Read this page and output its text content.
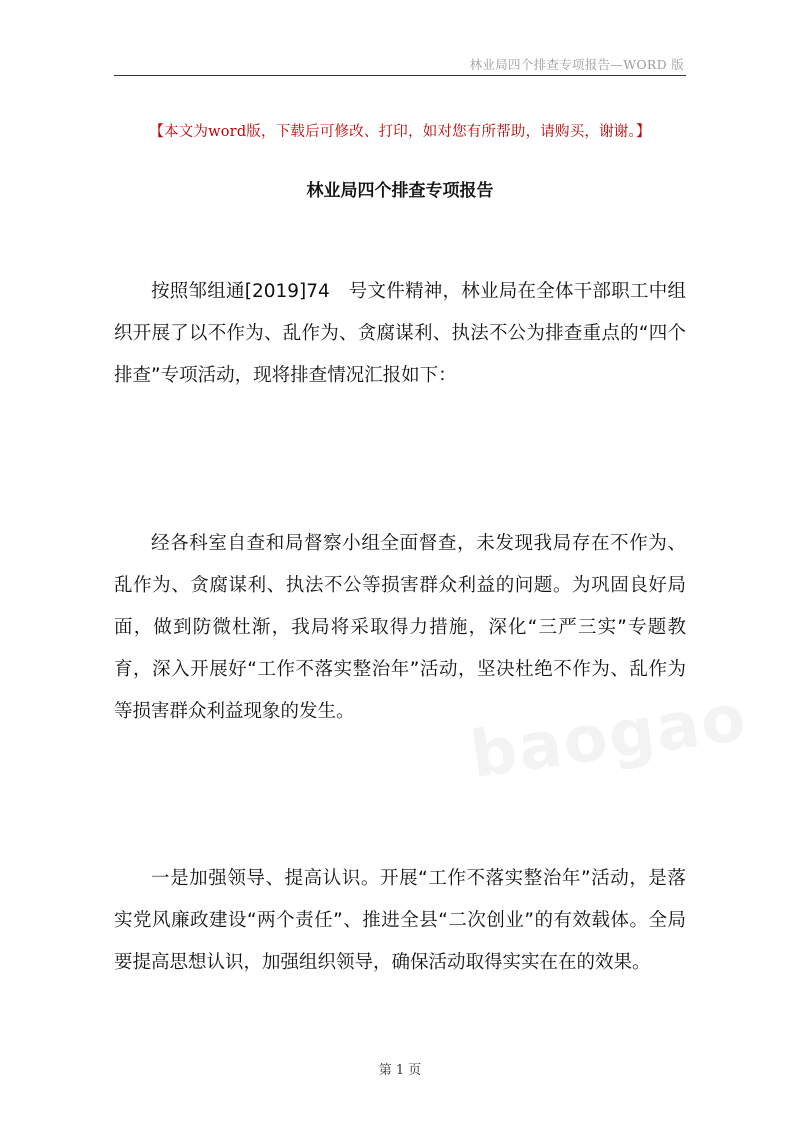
林业局四个排查专项报告—WORD 版
【本文为word版，下载后可修改、打印，如对您有所帮助，请购买，谢谢。】
林业局四个排查专项报告

按照邹组通[2019]74　号文件精神，林业局在全体干部职工中组织开展了以不作为、乱作为、贪腐谋利、执法不公为排查重点的“四个排查”专项活动，现将排查情况汇报如下：

经各科室自查和局督察小组全面督查，未发现我局存在不作为、乱作为、贪腐谋利、执法不公等损害群众利益的问题。为巩固良好局面，做到防微杜渐，我局将采取得力措施，深化“三严三实”专题教育，深入开展好“工作不落实整治年”活动，坚决杜绝不作为、乱作为等损害群众利益现象的发生。

一是加强领导、提高认识。开展“工作不落实整治年”活动，是落实党风廉政建设“两个责任”、推进全县“二次创业”的有效载体。全局要提高思想认识，加强组织领导，确保活动取得实实在在的效果。

baogao
第 1 页
